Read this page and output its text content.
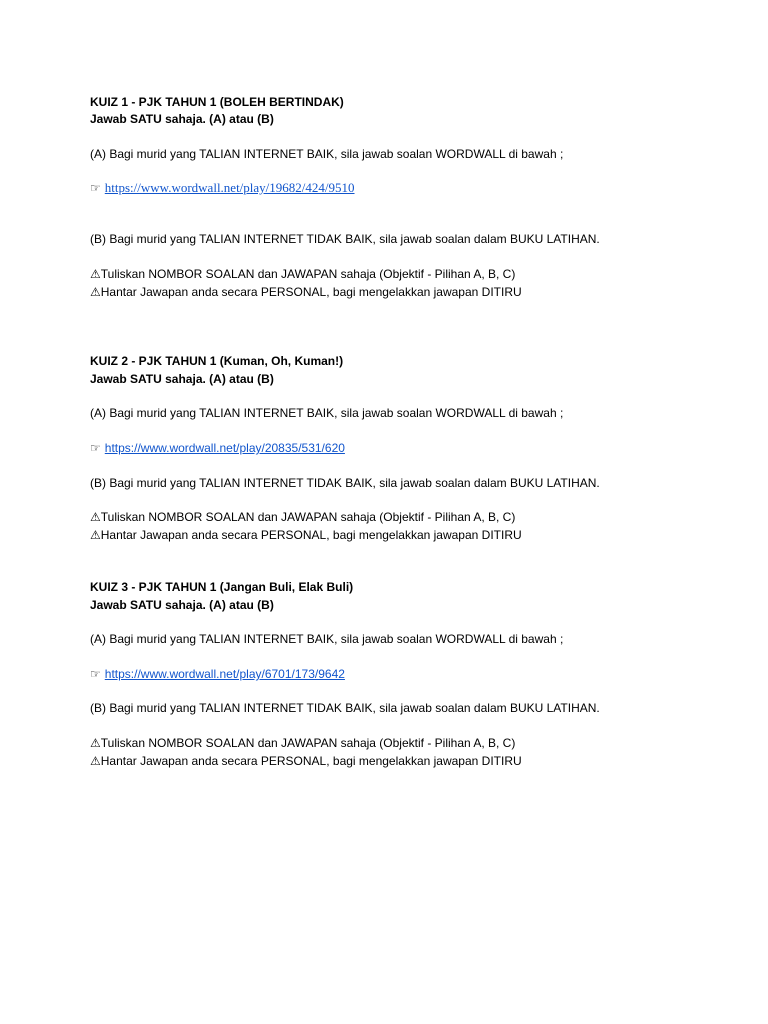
KUIZ 1 - PJK TAHUN 1 (BOLEH BERTINDAK)
Jawab SATU sahaja. (A) atau (B)
(A) Bagi murid yang TALIAN INTERNET BAIK, sila jawab soalan WORDWALL di bawah ;
☞ https://www.wordwall.net/play/19682/424/9510
(B) Bagi murid yang TALIAN INTERNET TIDAK BAIK, sila jawab soalan dalam BUKU LATIHAN.
⚠Tuliskan NOMBOR SOALAN dan JAWAPAN sahaja (Objektif - Pilihan A, B, C)
⚠Hantar Jawapan anda secara PERSONAL, bagi mengelakkan jawapan DITIRU
KUIZ 2 - PJK TAHUN 1 (Kuman, Oh, Kuman!)
Jawab SATU sahaja. (A) atau (B)
(A) Bagi murid yang TALIAN INTERNET BAIK, sila jawab soalan WORDWALL di bawah ;
☞ https://www.wordwall.net/play/20835/531/620
(B) Bagi murid yang TALIAN INTERNET TIDAK BAIK, sila jawab soalan dalam BUKU LATIHAN.
⚠Tuliskan NOMBOR SOALAN dan JAWAPAN sahaja (Objektif - Pilihan A, B, C)
⚠Hantar Jawapan anda secara PERSONAL, bagi mengelakkan jawapan DITIRU
KUIZ 3 - PJK TAHUN 1 (Jangan Buli, Elak Buli)
Jawab SATU sahaja. (A) atau (B)
(A) Bagi murid yang TALIAN INTERNET BAIK, sila jawab soalan WORDWALL di bawah ;
☞ https://www.wordwall.net/play/6701/173/9642
(B) Bagi murid yang TALIAN INTERNET TIDAK BAIK, sila jawab soalan dalam BUKU LATIHAN.
⚠Tuliskan NOMBOR SOALAN dan JAWAPAN sahaja (Objektif - Pilihan A, B, C)
⚠Hantar Jawapan anda secara PERSONAL, bagi mengelakkan jawapan DITIRU
